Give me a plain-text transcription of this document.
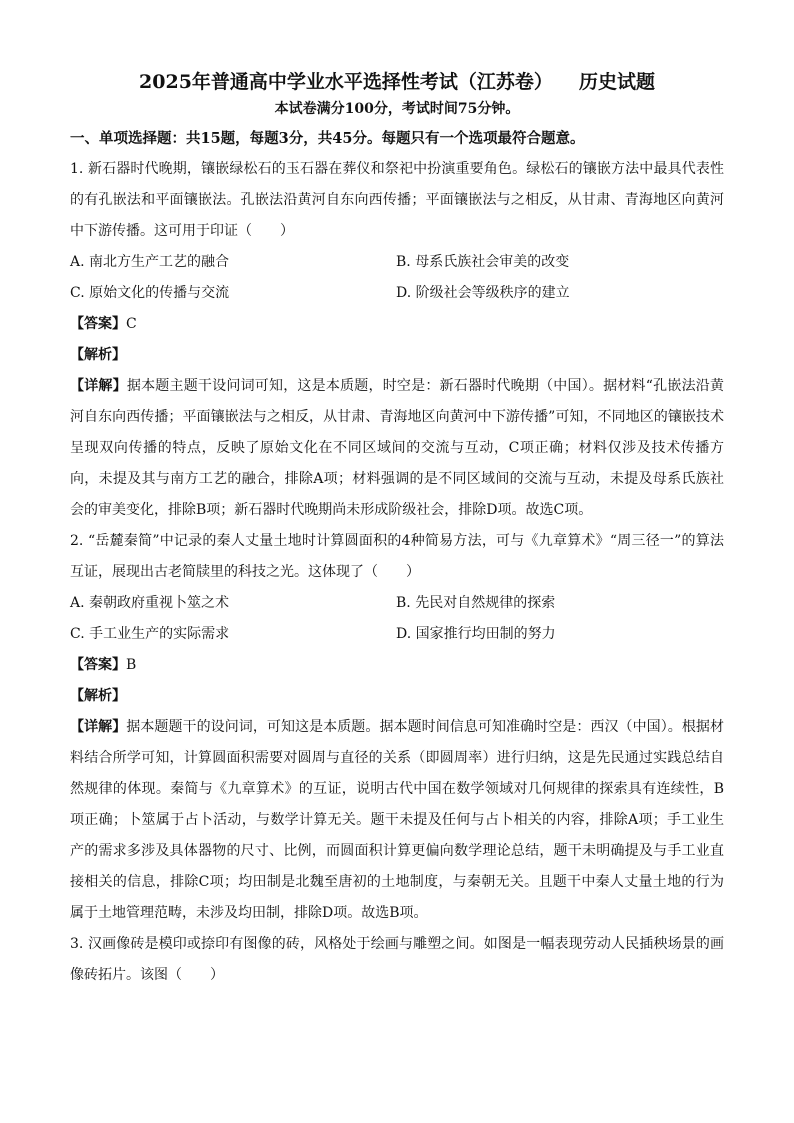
2025年普通高中学业水平选择性考试（江苏卷） 历史试题

本试卷满分100分，考试时间75分钟。

一、单项选择题：共15题，每题3分，共45分。每题只有一个选项最符合题意。

1. 新石器时代晚期，镶嵌绿松石的玉石器在葬仪和祭祀中扮演重要角色。绿松石的镶嵌方法中最具代表性的有孔嵌法和平面镶嵌法。孔嵌法沿黄河自东向西传播；平面镶嵌法与之相反，从甘肃、青海地区向黄河中下游传播。这可用于印证（　　）

A. 南北方生产工艺的融合	B. 母系氏族社会审美的改变
C. 原始文化的传播与交流	D. 阶级社会等级秩序的建立

【答案】C

【解析】

【详解】据本题主题干设问词可知，这是本质题，时空是：新石器时代晚期（中国）。据材料“孔嵌法沿黄河自东向西传播；平面镶嵌法与之相反，从甘肃、青海地区向黄河中下游传播”可知，不同地区的镶嵌技术呈现双向传播的特点，反映了原始文化在不同区域间的交流与互动，C项正确；材料仅涉及技术传播方向，未提及其与南方工艺的融合，排除A项；材料强调的是不同区域间的交流与互动，未提及母系氏族社会的审美变化，排除B项；新石器时代晚期尚未形成阶级社会，排除D项。故选C项。

2. “岳麓秦简”中记录的秦人丈量土地时计算圆面积的4种简易方法，可与《九章算术》“周三径一”的算法互证，展现出古老简牍里的科技之光。这体现了（　　）

A. 秦朝政府重视卜筮之术	B. 先民对自然规律的探索
C. 手工业生产的实际需求	D. 国家推行均田制的努力

【答案】B

【解析】

【详解】据本题题干的设问词，可知这是本质题。据本题时间信息可知准确时空是：西汉（中国）。根据材料结合所学可知，计算圆面积需要对圆周与直径的关系（即圆周率）进行归纳，这是先民通过实践总结自然规律的体现。秦简与《九章算术》的互证，说明古代中国在数学领域对几何规律的探索具有连续性，B项正确；卜筮属于占卜活动，与数学计算无关。题干未提及任何与占卜相关的内容，排除A项；手工业生产的需求多涉及具体器物的尺寸、比例，而圆面积计算更偏向数学理论总结，题干未明确提及与手工业直接相关的信息，排除C项；均田制是北魏至唐初的土地制度，与秦朝无关。且题干中秦人丈量土地的行为属于土地管理范畴，未涉及均田制，排除D项。故选B项。

3. 汉画像砖是模印或捺印有图像的砖，风格处于绘画与雕塑之间。如图是一幅表现劳动人民插秧场景的画像砖拓片。该图（　　）
